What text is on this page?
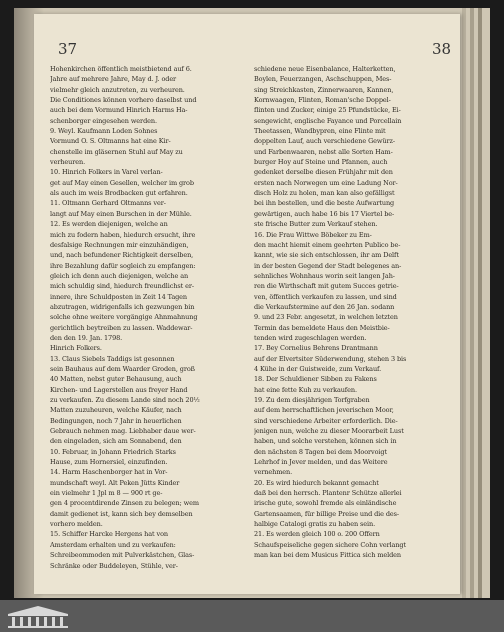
37	38

Hohenkirchen öffentlich meistbietend auf 6.

Jahre auf mehrere Jahre, May d. J. oder

vielmehr gleich anzutreten, zu verheuren.

Die Conditiones können vorhero daselbst und

auch bei dem Vormund Hinrich Harms Ha-

schenborger eingesehen werden.

9. Weyl. Kaufmann Loden Sohnes

Vormund O. S. Oltmanns hat eine Kir-

chenstelle im gläsernen Stuhl auf May zu

verheuren.

10. Hinrich Folkers in Varel verlan-

get auf May einen Gesellen, welcher im grob

als auch im weis Brodbacken gut erfahren.

11. Oltmann Gerhard Oltmanns ver-

langt auf May einen Burschen in der Mühle.

12. Es werden diejenigen, welche an

mich zu fodern haben, hiedurch ersucht, ihre

desfalsige Rechnungen mir einzuhändigen,

und, nach befundener Richtigkeit derselben,

ihre Bezahlung dafür sogleich zu empfangen:

gleich ich denn auch diejenigen, welche an

mich schuldig sind, hiedurch freundlichst er-

innere, ihre Schuldposten in Zeit 14 Tagen

abzutragen, widrigenfalls ich gezwungen bin

solche ohne weitere vorgängige Ahnmahnung

gerichtlich beytreiben zu lassen. Waddewar-

den den 19. Jan. 1798.

Hinrich Folkers.

13. Claus Siebels Taddigs ist gesonnen

sein Bauhaus auf dem Waarder Groden, groß

40 Matten, nebst guter Behausung, auch

Kirchen- und Lagerstellen aus freyer Hand

zu verkaufen. Zu diesem Lande sind noch 20½

Matten zuzuheuren, welche Käufer, nach

Bedingungen, noch 7 Jahr in heuerlichen

Gebrauch nehmen mag. Liebhaber daue wer-

den eingeladen, sich am Sonnabend, den

10. Februar, in Johann Friedrich Starks

Hause, zum Hornersiel, einzufinden.

14. Harm Haschenborger hat in Vor-

mundschaft weyl. Alt Peken Jütts Kinder

ein vielmehr 1 Jpl m 8 — 900 rt ge-

gen 4 procentdirende Zinsen zu belegen; wem

damit gedienet ist, kann sich bey demselben

vorhero melden.

15. Schiffer Harcke Hergens hat von

Amsterdam erhalten und zu verkaufen:

Schreibeommoden mit Pulverkästchen, Glas-

Schränke oder Buddeleyen, Stühle, ver-

schiedene neue Eisenbalance, Halterketten,

Boylen, Feuerzangen, Aschschuppen, Mes-

sing Streichkasten, Zinnerwaaren, Kannen,

Kornwaagen, Flinten, Roman'sche Doppel-

flinten und Zucker, einige 25 Pfundstücke, Ei-

sengewicht, englische Fayance und Porcellain

Theetassen, Wandbypren, eine Flinte mit

doppelten Lauf, auch verschiedene Gewürz-

und Farbenwaaren, nebst alle Sorten Ham-

burger Hoy auf Steine und Pfannen, auch

gedenket derselbe diesen Frühjahr mit den

ersten nach Norwegen um eine Ladung Nor-

disch Holz zu holen, man kan also gefälligst

bei ihn bestellen, und die beste Aufwartung

gewärtigen, auch habe 16 bis 17 Viertel be-

ste frische Butter zum Verkauf stehen.

16. Die Frau Wittwe Böbeker zu Em-

den macht hiemit einem geehrten Publico be-

kannt, wie sie sich entschlossen, ihr am Delft

in der besten Gegend der Stadt belegenes an-

sehnliches Wohnhaus worin seit langen Jah-

ren die Wirthschaft mit gutem Succes getrie-

ven, öffentlich verkaufen zu lassen, und sind

die Verkaufstermine auf den 26 Jan. sodann

9. und 23 Febr. angesetzt, in welchen letzten

Termin das bemeldete Haus den Meistbie-

tenden wird zugeschlagen werden.

17. Bey Cornelius Behrens Drantmann

auf der Elvertsiter Süderwendung, stehen 3 bis

4 Kühe in der Guistweide, zum Verkauf.

18. Der Schuldiener Sibben zu Fakens

hat eine fette Kuh zu verkaufen.

19. Zu dem diesjährigen Torfgraben

auf dem herrschaftlichen jeverischen Moor,

sind verschiedene Arbeiter erforderlich. Die-

jenigen nun, welche zu dieser Moorarbeit Lust

haben, und solche verstehen, können sich in

den nächsten 8 Tagen bei dem Moorvoigt

Lehrhof in Jever melden, und das Weitere

vernehmen.

20. Es wird hiedurch bekannt gemacht

daß bei den herrsch. Plantenr Schütze allerlei

irische gute, sowohl fremde als einländische

Gartensaamen, für billige Preise und die des-

halbige Catalogi gratis zu haben sein.

21. Es werden gleich 100 o. 200 Offern

Schaufspeiseliche gegen sichere Cohn verlangt

man kan bei dem Musicus Fittica sich melden
